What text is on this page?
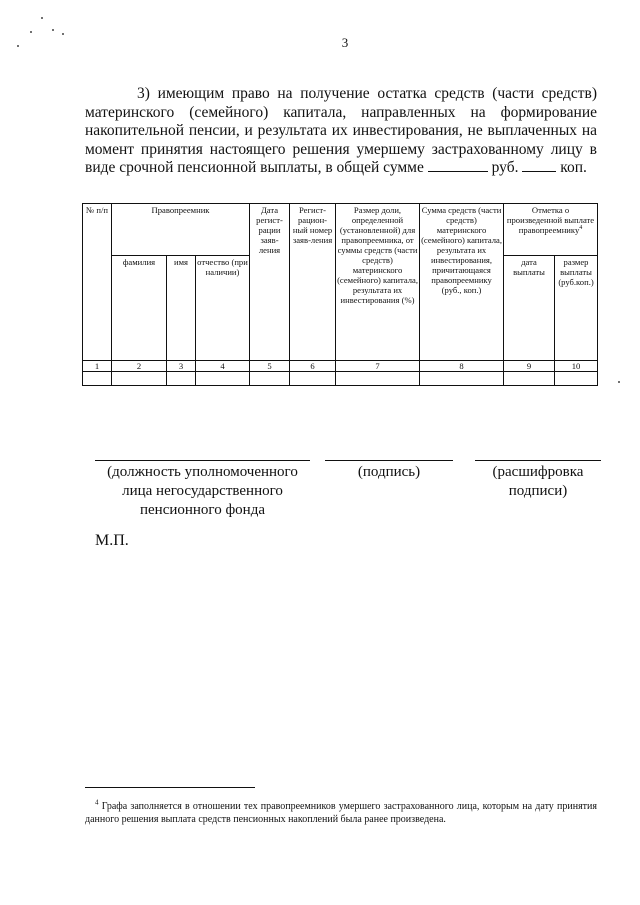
3

3) имеющим право на получение остатка средств (части средств) материнского (семейного) капитала, направленных на формирование накопительной пенсии, и результата их инвестирования, не выплаченных на момент принятия настоящего решения умершему застрахованному лицу в виде срочной пенсионной выплаты, в общей сумме	руб.	коп.

№ п/п	Правопреемник			Дата регист-рации заяв-ления	Регист-рацион-ный номер заяв-ления	Размер доли, определенной (установленной) для правопреемника, от суммы средств (части средств) материнского (семейного) капитала, результата их инвестирования (%)	Сумма средств (части средств) материнского (семейного) капитала, результата их инвестирования, причитающаяся правопреемнику (руб., коп.)	Отметка о произведенной выплате правопреемнику$^4$
	фамилия	имя	отчество (при наличии)					дата выплаты	размер выплаты (руб.коп.)
1	2	3	4	5	6	7	8	9	10

(должность уполномоченного лица негосударственного пенсионного фонда
(подпись)	(расшифровка подписи)
М.П.

$^4$ Графа заполняется в отношении тех правопреемников умершего застрахованного лица, которым на дату принятия данного решения выплата средств пенсионных накоплений была ранее произведена.
